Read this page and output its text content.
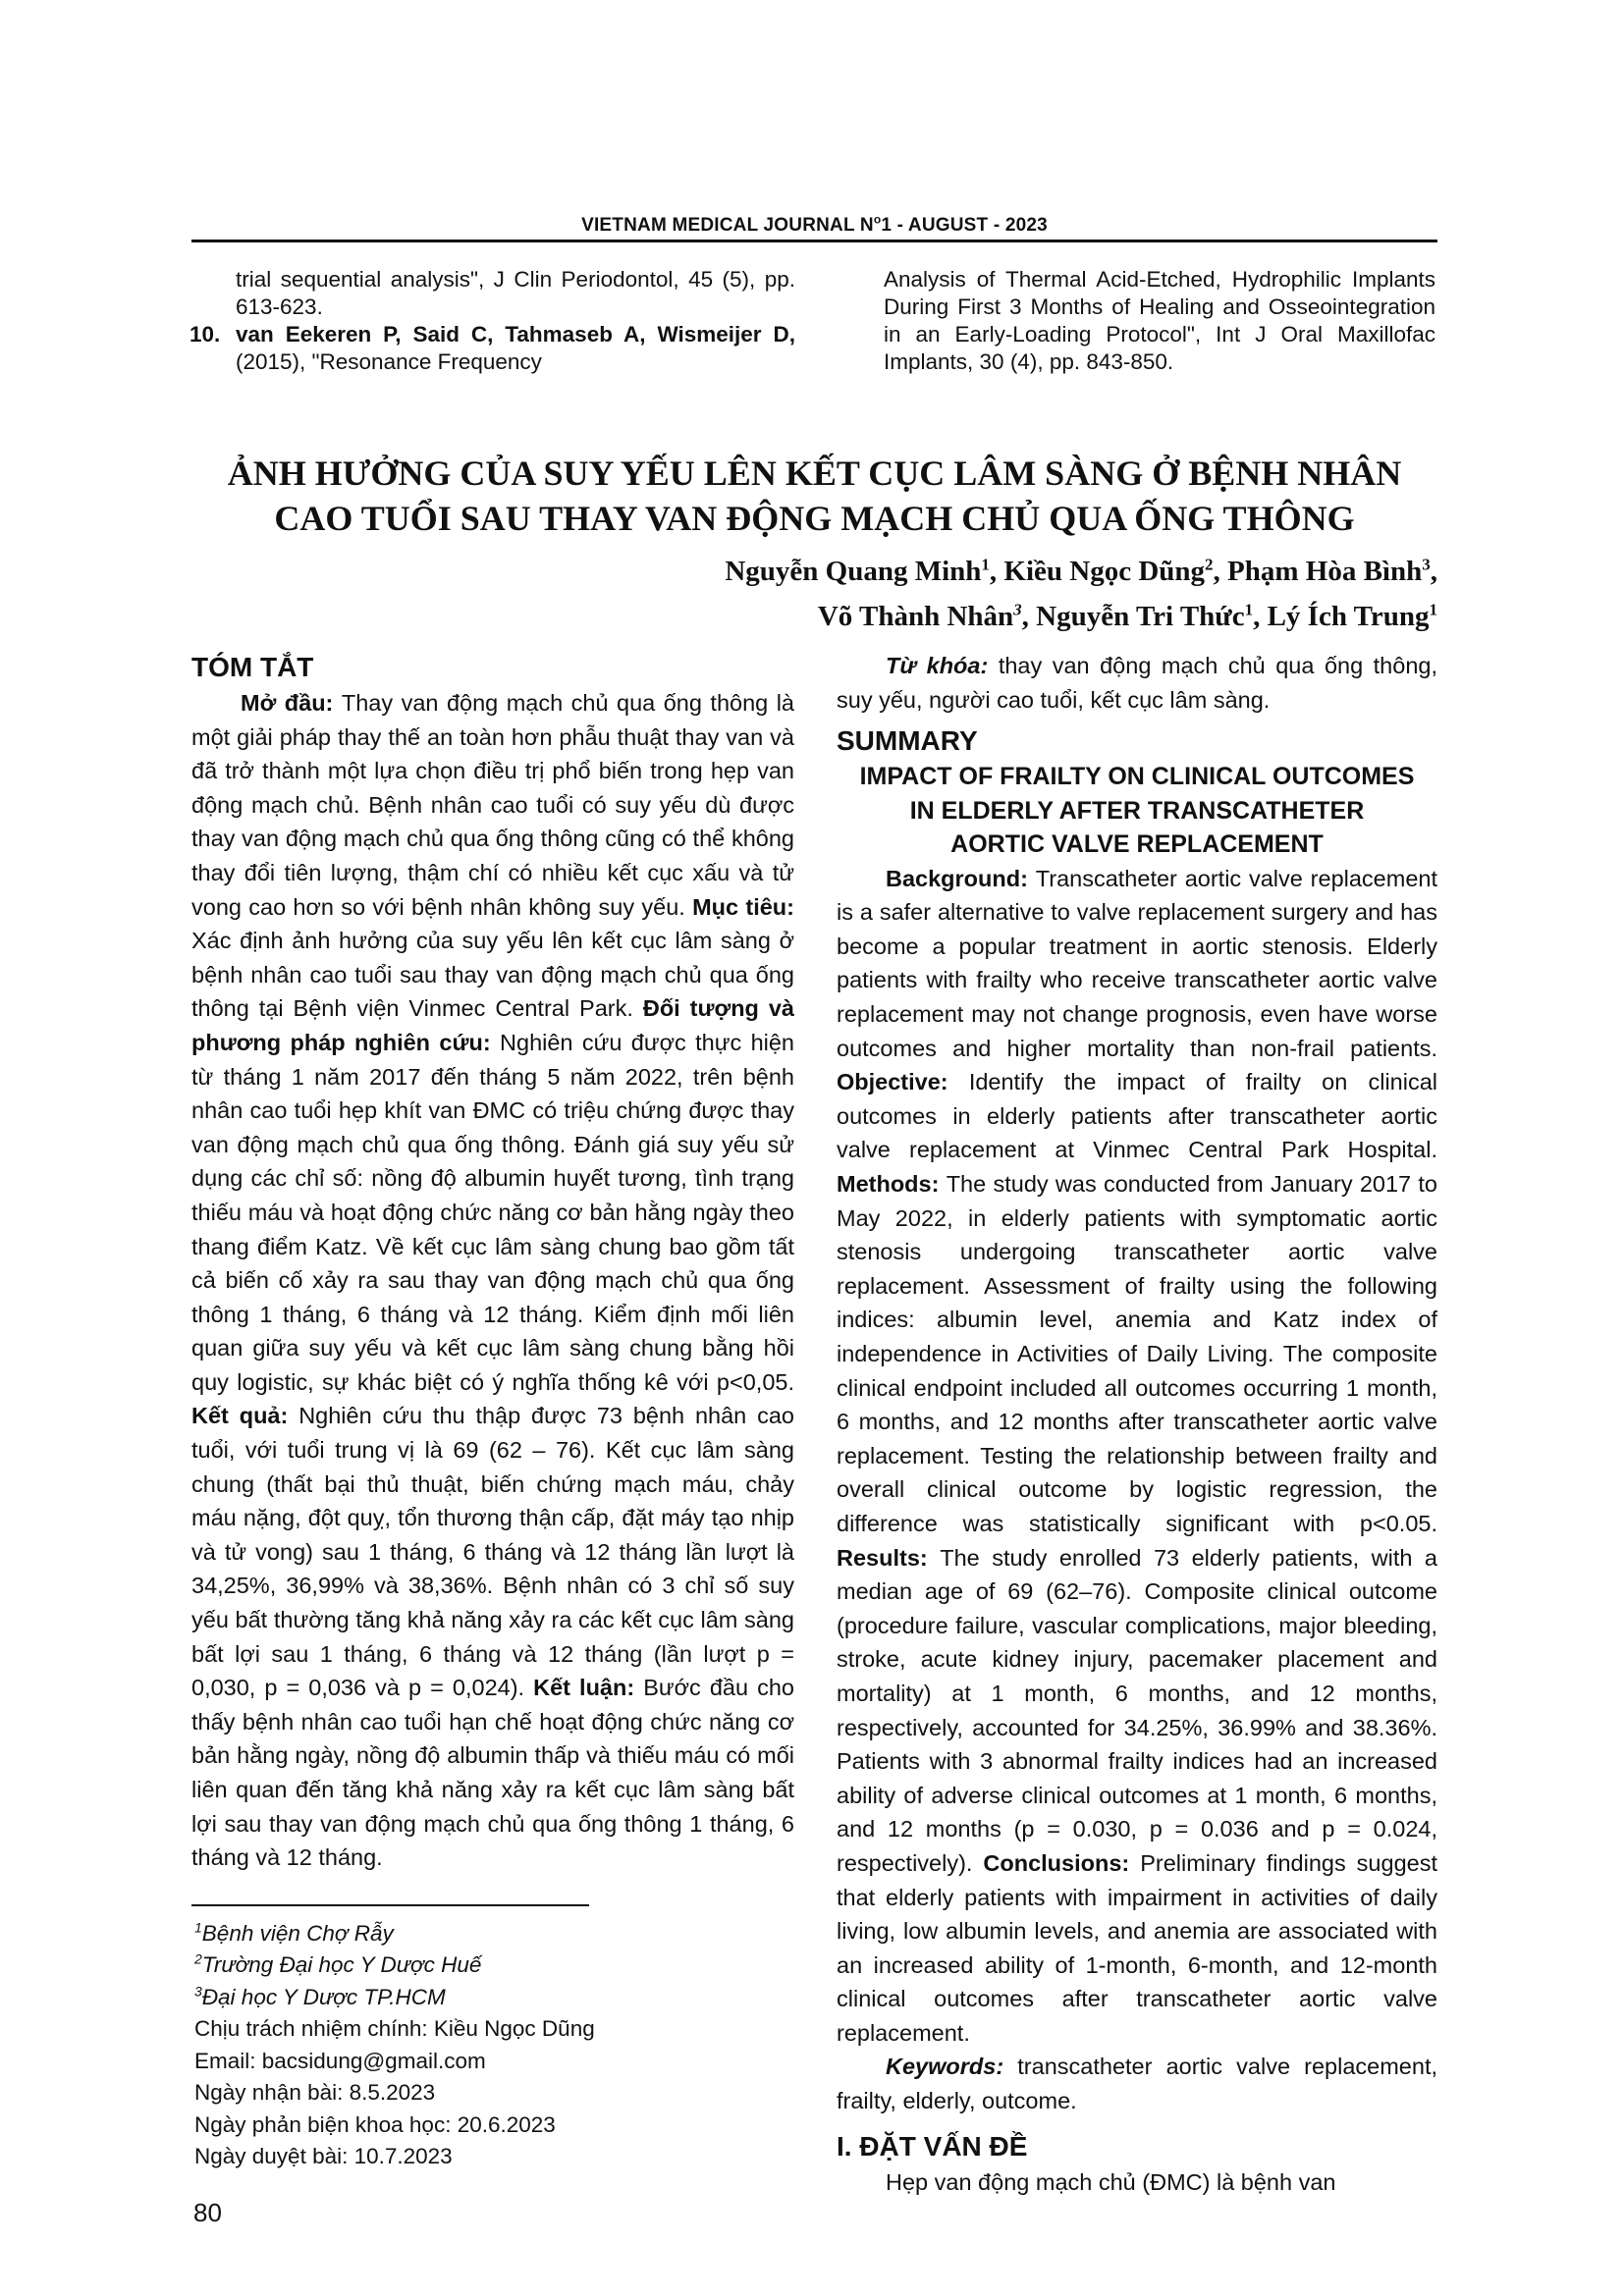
VIETNAM MEDICAL JOURNAL $N^o1$ - AUGUST - 2023

trial sequential analysis", J Clin Periodontol, 45 (5), pp. 613-623.

10. van Eekeren P, Said C, Tahmaseb A, Wismeijer D, (2015), "Resonance Frequency

Analysis of Thermal Acid-Etched, Hydrophilic Implants During First 3 Months of Healing and Osseointegration in an Early-Loading Protocol", Int J Oral Maxillofac Implants, 30 (4), pp. 843-850.

ẢNH HƯỞNG CỦA SUY YẾU LÊN KẾT CỤC LÂM SÀNG Ở BỆNH NHÂN
CAO TUỔI SAU THAY VAN ĐỘNG MẠCH CHỦ QUA ỐNG THÔNG
Nguyễn Quang Minh$^1$, Kiều Ngọc Dũng$^2$, Phạm Hòa Bình$^3$,
Võ Thành Nhân$^3$, Nguyễn Tri Thức$^1$, Lý Ích Trung$^1$

TÓM TẮT

Mở đầu: Thay van động mạch chủ qua ống thông là một giải pháp thay thế an toàn hơn phẫu thuật thay van và đã trở thành một lựa chọn điều trị phổ biến trong hẹp van động mạch chủ. Bệnh nhân cao tuổi có suy yếu dù được thay van động mạch chủ qua ống thông cũng có thể không thay đổi tiên lượng, thậm chí có nhiều kết cục xấu và tử vong cao hơn so với bệnh nhân không suy yếu. Mục tiêu: Xác định ảnh hưởng của suy yếu lên kết cục lâm sàng ở bệnh nhân cao tuổi sau thay van động mạch chủ qua ống thông tại Bệnh viện Vinmec Central Park. Đối tượng và phương pháp nghiên cứu: Nghiên cứu được thực hiện từ tháng 1 năm 2017 đến tháng 5 năm 2022, trên bệnh nhân cao tuổi hẹp khít van ĐMC có triệu chứng được thay van động mạch chủ qua ống thông. Đánh giá suy yếu sử dụng các chỉ số: nồng độ albumin huyết tương, tình trạng thiếu máu và hoạt động chức năng cơ bản hằng ngày theo thang điểm Katz. Về kết cục lâm sàng chung bao gồm tất cả biến cố xảy ra sau thay van động mạch chủ qua ống thông 1 tháng, 6 tháng và 12 tháng. Kiểm định mối liên quan giữa suy yếu và kết cục lâm sàng chung bằng hồi quy logistic, sự khác biệt có ý nghĩa thống kê với p<0,05. Kết quả: Nghiên cứu thu thập được 73 bệnh nhân cao tuổi, với tuổi trung vị là 69 (62 – 76). Kết cục lâm sàng chung (thất bại thủ thuật, biến chứng mạch máu, chảy máu nặng, đột quỵ, tổn thương thận cấp, đặt máy tạo nhịp và tử vong) sau 1 tháng, 6 tháng và 12 tháng lần lượt là 34,25%, 36,99% và 38,36%. Bệnh nhân có 3 chỉ số suy yếu bất thường tăng khả năng xảy ra các kết cục lâm sàng bất lợi sau 1 tháng, 6 tháng và 12 tháng (lần lượt p = 0,030, p = 0,036 và p = 0,024). Kết luận: Bước đầu cho thấy bệnh nhân cao tuổi hạn chế hoạt động chức năng cơ bản hằng ngày, nồng độ albumin thấp và thiếu máu có mối liên quan đến tăng khả năng xảy ra kết cục lâm sàng bất lợi sau thay van động mạch chủ qua ống thông 1 tháng, 6 tháng và 12 tháng.

$^1$Bệnh viện Chợ Rẫy
$^2$Trường Đại học Y Dược Huế
$^3$Đại học Y Dược TP.HCM
Chịu trách nhiệm chính: Kiều Ngọc Dũng
Email: bacsidung@gmail.com
Ngày nhận bài: 8.5.2023
Ngày phản biện khoa học: 20.6.2023
Ngày duyệt bài: 10.7.2023
80

Từ khóa: thay van động mạch chủ qua ống thông, suy yếu, người cao tuổi, kết cục lâm sàng.

SUMMARY

IMPACT OF FRAILTY ON CLINICAL OUTCOMES

IN ELDERLY AFTER TRANSCATHETER

AORTIC VALVE REPLACEMENT

Background: Transcatheter aortic valve replacement is a safer alternative to valve replacement surgery and has become a popular treatment in aortic stenosis. Elderly patients with frailty who receive transcatheter aortic valve replacement may not change prognosis, even have worse outcomes and higher mortality than non-frail patients. Objective: Identify the impact of frailty on clinical outcomes in elderly patients after transcatheter aortic valve replacement at Vinmec Central Park Hospital. Methods: The study was conducted from January 2017 to May 2022, in elderly patients with symptomatic aortic stenosis undergoing transcatheter aortic valve replacement. Assessment of frailty using the following indices: albumin level, anemia and Katz index of independence in Activities of Daily Living. The composite clinical endpoint included all outcomes occurring 1 month, 6 months, and 12 months after transcatheter aortic valve replacement. Testing the relationship between frailty and overall clinical outcome by logistic regression, the difference was statistically significant with p<0.05. Results: The study enrolled 73 elderly patients, with a median age of 69 (62–76). Composite clinical outcome (procedure failure, vascular complications, major bleeding, stroke, acute kidney injury, pacemaker placement and mortality) at 1 month, 6 months, and 12 months, respectively, accounted for 34.25%, 36.99% and 38.36%. Patients with 3 abnormal frailty indices had an increased ability of adverse clinical outcomes at 1 month, 6 months, and 12 months (p = 0.030, p = 0.036 and p = 0.024, respectively). Conclusions: Preliminary findings suggest that elderly patients with impairment in activities of daily living, low albumin levels, and anemia are associated with an increased ability of 1-month, 6-month, and 12-month clinical outcomes after transcatheter aortic valve replacement.

Keywords: transcatheter aortic valve replacement, frailty, elderly, outcome.

I. ĐẶT VẤN ĐỀ

Hẹp van động mạch chủ (ĐMC) là bệnh van
